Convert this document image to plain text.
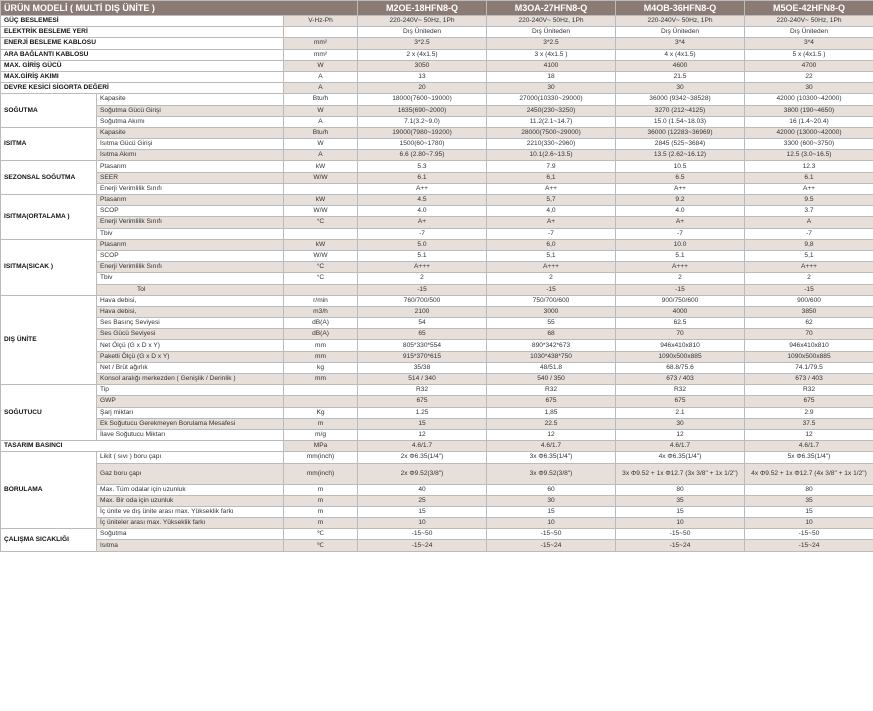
ÜRÜN MODELİ ( MULTİ DIŞ ÜNİTE )			M2OE-18HFN8-Q	M3OA-27HFN8-Q	M4OB-36HFN8-Q	M5OE-42HFN8-Q
GÜÇ BESLEMESİ		V-Hz-Ph	220-240V~ 50Hz, 1Ph	220-240V~ 50Hz, 1Ph	220-240V~ 50Hz, 1Ph	220-240V~ 50Hz, 1Ph
ELEKTRİK BESLEME YERİ			Dış Üniteden	Dış Üniteden	Dış Üniteden	Dış Üniteden
ENERJİ BESLEME KABLOSU		mm²	3*2.5	3*2.5	3*4	3*4
ARA BAĞLANTI KABLOSU		mm²	2 x (4x1.5)	3 x (4x1.5 )	4 x (4x1.5)	5 x (4x1.5 )
MAX. GİRİŞ GÜCÜ		W	3050	4100	4600	4700
MAX.GİRİŞ AKIMI		A	13	18	21.5	22
DEVRE KESİCİ SİGORTA DEĞERİ		A	20	30	30	30
SOĞUTMA	Kapasite	Btu/h	18000(7600~19000)	27000(10330~29000)	36000 (9342~38528)	42000 (10300~42000)
	Soğutma Gücü Girişi	W	1635(690~2000)	2450(230~3250)	3270 (212~4125)	3800 (190~4650)
	Soğutma Akımı	A	7.1(3.2~9.0)	11.2(2.1~14.7)	15.0 (1.54~18.03)	16 (1.4~20.4)
ISITMA	Kapasite	Btu/h	19000(7980~19200)	28000(7500~29000)	36000 (12283~36969)	42000 (13000~42000)
	Isıtma Gücü Girişi	W	1500(60~1780)	2210(330~2960)	2845 (525~3684)	3300 (600~3750)
	Isıtma Akımı	A	6.6 (2.80~7.95)	10.1(2.6~13.5)	13.5 (2.62~16.12)	12.5 (3.0~16.5)
SEZONSAL SOĞUTMA	Ptasarım	kW	5.3	7.9	10.5	12.3
	SEER	W/W	6.1	6,1	6.5	6.1
	Enerji Verimlilik Sınıfı		A++	A++	A++	A++
ISITMA(ORTALAMA )	Ptasarım	kW	4.5	5,7	9.2	9.5
	SCOP	W/W	4.0	4,0	4.0	3.7
	Enerji Verimlilik Sınıfı	°C	A+	A+	A+	A
	Tbiv		-7	-7	-7	-7
ISITMA(SICAK )	Ptasarım	kW	5.0	6,0	10.0	9,8
	SCOP	W/W	5.1	5,1	5.1	5,1
	Enerji Verimlilik Sınıfı	°C	A+++	A+++	A+++	A+++
	Tbiv	°C	2	2	2	2
	Tol		-15	-15	-15	-15
DIŞ ÜNİTE	Hava debisi,	r/min	760/700/500	750/700/600	900/750/600	900/600
	Hava debisi,	m3/h	2100	3000	4000	3850
	Ses Basınç Seviyesi	dB(A)	54	55	62.5	62
	Ses Gücü Seviyesi	dB(A)	65	68	70	70
	Net Ölçü (G x D x Y)	mm	805*330*554	890*342*673	946x410x810	946x410x810
	Paketli Ölçü (G x D x Y)	mm	915*370*615	1030*438*750	1090x500x885	1090x500x885
	Net / Brüt ağırlık	kg	35/38	48/51.8	68.8/75.6	74.1/79.5
	Konsol aralığı merkezden ( Genişlik / Derinlik )	mm	514 / 340	540 / 350	673 / 403	673 / 403
SOĞUTUCU	Tip		R32	R32	R32	R32
	GWP		675	675	675	675
	Şarj miktarı	Kg	1.25	1,85	2.1	2.9
	Ek Soğutucu Gerekmeyen Borulama Mesafesi	m	15	22.5	30	37.5
	İlave Soğutucu Miktarı	m/g	12	12	12	12
TASARIM BASINCI		MPa	4.6/1.7	4.6/1.7	4.6/1.7	4.6/1.7
BORULAMA	Likit ( sıvı ) boru çapı	mm(inch)	2x Φ6.35(1/4")	3x Φ6.35(1/4")	4x Φ6.35(1/4")	5x Φ6.35(1/4")
	Gaz boru çapı	mm(inch)	2x Φ9.52(3/8")	3x Φ9.52(3/8")	3x Φ9.52 + 1x Φ12.7 (3x 3/8" + 1x 1/2")	4x Φ9.52 + 1x Φ12.7 (4x 3/8" + 1x 1/2")
	Max. Tüm odalar için uzunluk	m	40	60	80	80
	Max. Bir oda için uzunluk	m	25	30	35	35
	İç ünite ve dış ünite arası max. Yükseklik farkı	m	15	15	15	15
	İç üniteler arası max. Yükseklik farkı	m	10	10	10	10
ÇALIŞMA SICAKLIĞI	Soğutma	℃	-15~50	-15~50	-15~50	-15~50
	Isıtma	℃	-15~24	-15~24	-15~24	-15~24
